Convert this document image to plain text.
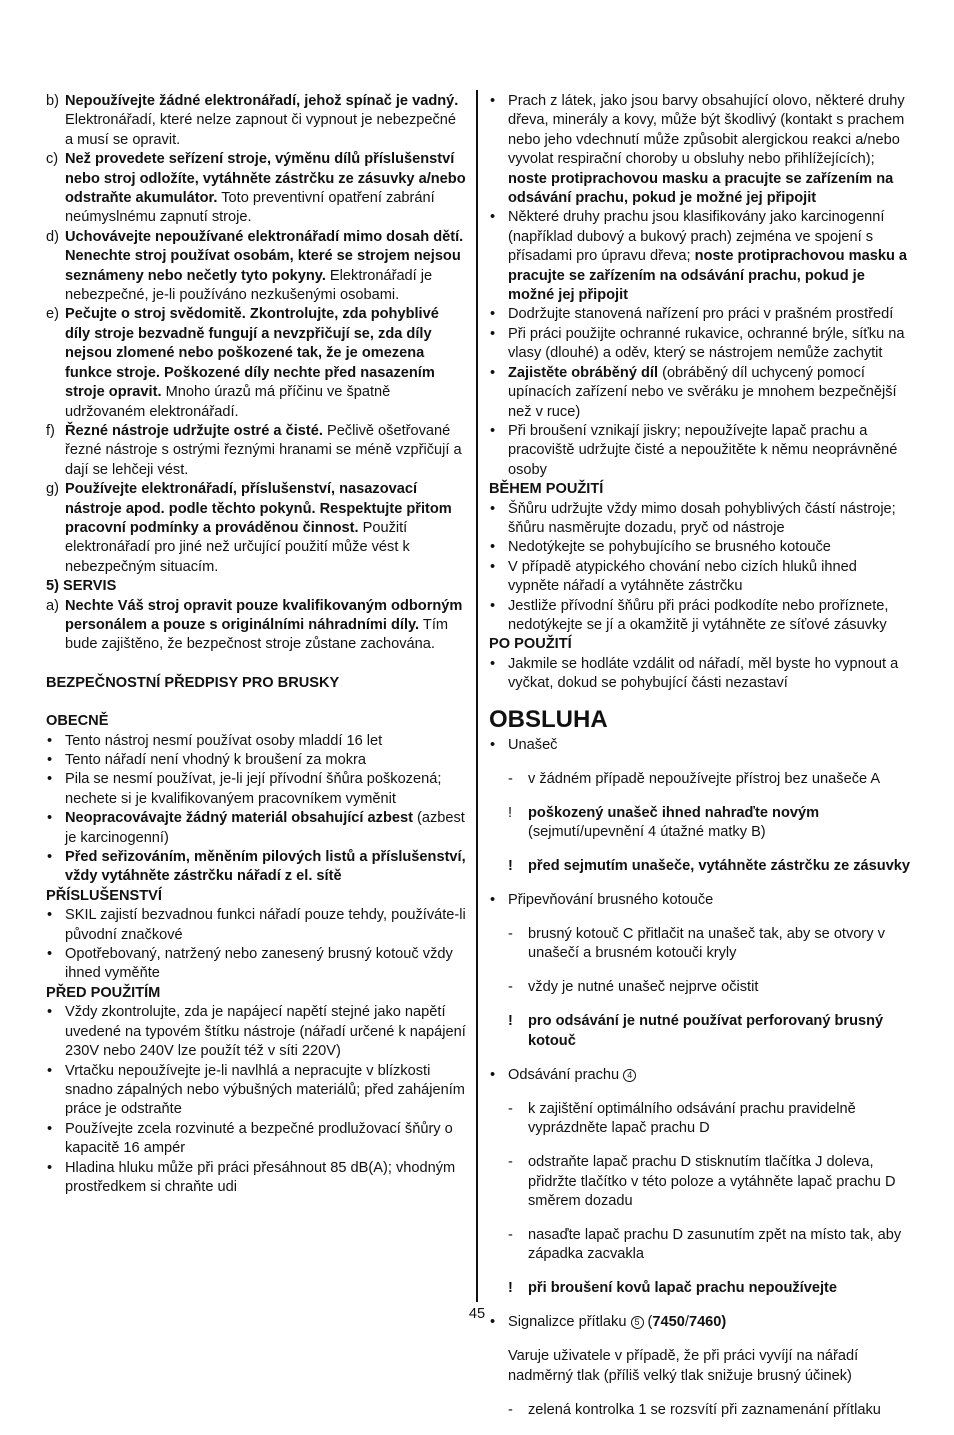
b) Nepoužívejte žádné elektronářadí, jehož spínač je vadný. Elektronářadí, které nelze zapnout či vypnout je nebezpečné a musí se opravit.

c) Než provedete seřízení stroje, výměnu dílů příslušenství nebo stroj odložíte, vytáhněte zástrčku ze zásuvky a/nebo odstraňte akumulátor. Toto preventivní opatření zabrání neúmyslnému zapnutí stroje.

d) Uchovávejte nepoužívané elektronářadí mimo dosah dětí. Nenechte stroj používat osobám, které se strojem nejsou seznámeny nebo nečetly tyto pokyny. Elektronářadí je nebezpečné, je-li používáno nezkušenými osobami.

e) Pečujte o stroj svědomitě. Zkontrolujte, zda pohyblivé díly stroje bezvadně fungují a nevzpřičují se, zda díly nejsou zlomené nebo poškozené tak, že je omezena funkce stroje. Poškozené díly nechte před nasazením stroje opravit. Mnoho úrazů má příčinu ve špatně udržovaném elektronářadí.

f) Řezné nástroje udržujte ostré a čisté. Pečlivě ošetřované řezné nástroje s ostrými řeznými hranami se méně vzpřičují a dají se lehčeji vést.

g) Používejte elektronářadí, příslušenství, nasazovací nástroje apod. podle těchto pokynů. Respektujte přitom pracovní podmínky a prováděnou činnost. Použití elektronářadí pro jiné než určující použití může vést k nebezpečným situacím.

5) SERVIS

a) Nechte Váš stroj opravit pouze kvalifikovaným odborným personálem a pouze s originálními náhradními díly. Tím bude zajištěno, že bezpečnost stroje zůstane zachována.

BEZPEČNOSTNÍ PŘEDPISY PRO BRUSKY
OBECNĚ

• Tento nástroj nesmí používat osoby mladdí 16 let

• Tento nářadí není vhodný k broušení za mokra

• Pila se nesmí používat, je-li její přívodní šňůra poškozená; nechete si je kvalifikovanýem pracovníkem vyměnit

• Neopracovávajte žádný materiál obsahující azbest (azbest je karcinogenní)

• Před seřizováním, měněním pilových listů a příslušenství, vždy vytáhněte zástrčku nářadí z el. sítě

PŘÍSLUŠENSTVÍ

• SKIL zajistí bezvadnou funkci nářadí pouze tehdy, používáte-li původní značkové

• Opotřebovaný, natržený nebo zanesený brusný kotouč vždy ihned vyměňte

PŘED POUŽITÍM

• Vždy zkontrolujte, zda je napájecí napětí stejné jako napětí uvedené na typovém štítku nástroje (nářadí určené k napájení 230V nebo 240V lze použít též v síti 220V)

• Vrtačku nepoužívejte je-li navlhlá a nepracujte v blízkosti snadno zápalných nebo výbušných materiálů; před zahájením práce je odstraňte

• Používejte zcela rozvinuté a bezpečné prodlužovací šňůry o kapacitě 16 ampér

• Hladina hluku může při práci přesáhnout 85 dB(A); vhodným prostředkem si chraňte udi

• Prach z látek, jako jsou barvy obsahující olovo, některé druhy dřeva, minerály a kovy, může být škodlivý (kontakt s prachem nebo jeho vdechnutí může způsobit alergickou reakci a/nebo vyvolat respirační choroby u obsluhy nebo přihlížejících); noste protiprachovou masku a pracujte se zařízením na odsávání prachu, pokud je možné jej připojit

• Některé druhy prachu jsou klasifikovány jako karcinogenní (například dubový a bukový prach) zejména ve spojení s přísadami pro úpravu dřeva; noste protiprachovou masku a pracujte se zařízením na odsávání prachu, pokud je možné jej připojit

• Dodržujte stanovená nařízení pro práci v prašném prostředí

• Při práci použijte ochranné rukavice, ochranné brýle, síťku na vlasy (dlouhé) a oděv, který se nástrojem nemůže zachytit

• Zajistěte obráběný díl (obráběný díl uchycený pomocí upínacích zařízení nebo ve svěráku je mnohem bezpečnější než v ruce)

• Při broušení vznikají jiskry; nepoužívejte lapač prachu a pracoviště udržujte čisté a nepoužitěte k němu neoprávněné osoby

BĚHEM POUŽITÍ

• Šňůru udržujte vždy mimo dosah pohyblivých částí nástroje; šňůru nasměrujte dozadu, pryč od nástroje

• Nedotýkejte se pohybujícího se brusného kotouče

• V případě atypického chování nebo cizích hluků ihned vypněte nářadí a vytáhněte zástrčku

• Jestliže přívodní šňůru při práci podkodíte nebo proříznete, nedotýkejte se jí a okamžitě ji vytáhněte ze síťové zásuvky

PO POUŽITÍ

• Jakmile se hodláte vzdálit od nářadí, měl byste ho vypnout a vyčkat, dokud se pohybující části nezastaví

OBSLUHA

• Unašeč

- v žádném případě nepoužívejte přístroj bez unašeče A

! poškozený unašeč ihned nahraďte novým
(sejmutí/upevnění 4 útažné matky B)

! před sejmutím unašeče, vytáhněte zástrčku ze zásuvky

• Připevňování brusného kotouče

- brusný kotouč C přitlačit na unašeč tak, aby se otvory v unašečí a brusném kotouči kryly

- vždy je nutné unašeč nejprve očistit

! pro odsávání je nutné používat perforovaný brusný kotouč

• Odsávání prachu 4

- k zajištění optimálního odsávání prachu pravidelně vyprázdněte lapač prachu D

- odstraňte lapač prachu D stisknutím tlačítka J doleva, přidržte tlačítko v této poloze a vytáhněte lapač prachu D směrem dozadu

- nasaďte lapač prachu D zasunutím zpět na místo tak, aby západka zacvakla

! při broušení kovů lapač prachu nepoužívejte

• Signalizce přítlaku 5 (7450/7460)

Varuje uživatele v případě, že při práci vyvíjí na nářadí nadměrný tlak (příliš velký tlak snižuje brusný účinek)

- zelená kontrolka 1 se rozsvítí při zaznamenání přítlaku

45
